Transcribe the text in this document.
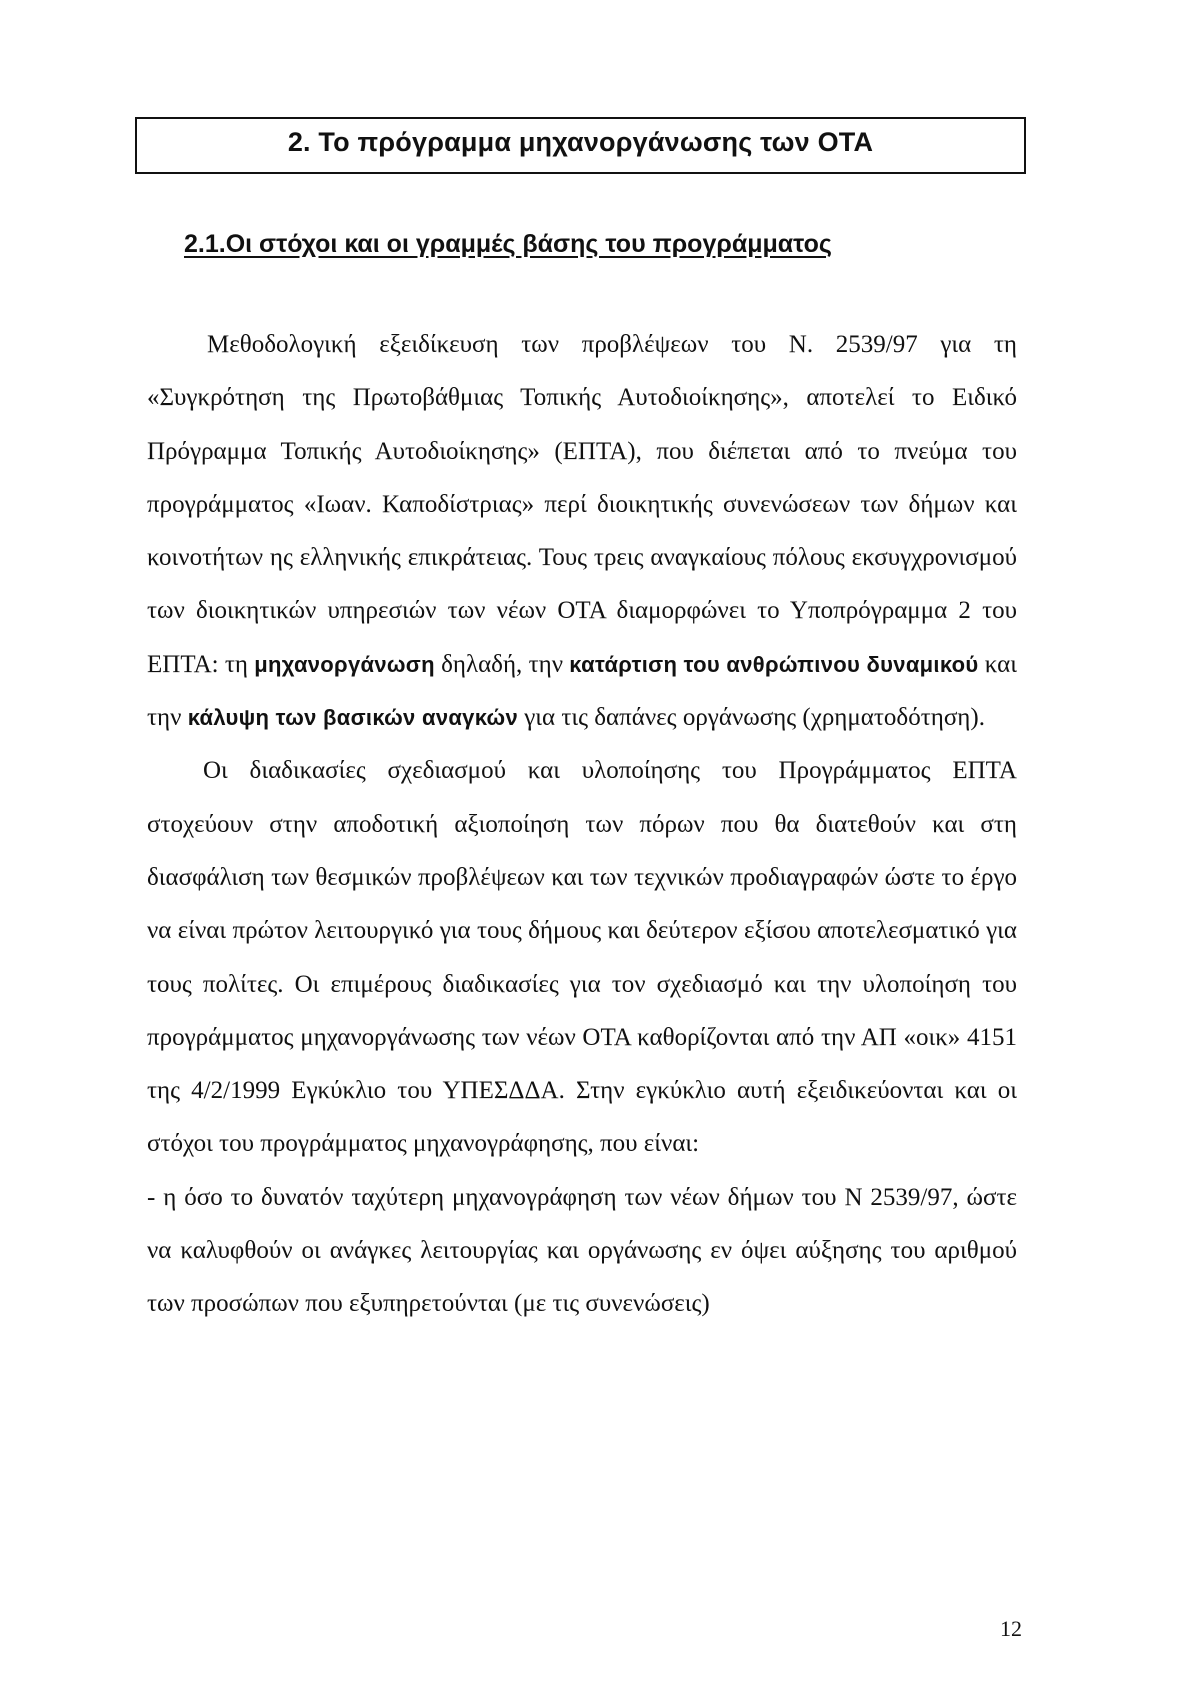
2. Το πρόγραμμα μηχανοργάνωσης των ΟΤΑ
2.1.Οι στόχοι και οι γραμμές βάσης του προγράμματος

Μεθοδολογική εξειδίκευση των προβλέψεων του Ν. 2539/97 για τη «Συγκρότηση της Πρωτοβάθμιας Τοπικής Αυτοδιοίκησης», αποτελεί το Ειδικό Πρόγραμμα Τοπικής Αυτοδιοίκησης» (ΕΠΤΑ), που διέπεται από το πνεύμα του προγράμματος «Ιωαν. Καποδίστριας» περί διοικητικής συνενώσεων των δήμων και κοινοτήτων ης ελληνικής επικράτειας. Τους τρεις αναγκαίους πόλους εκσυγχρονισμού των διοικητικών υπηρεσιών των νέων ΟΤΑ διαμορφώνει το Υποπρόγραμμα 2 του ΕΠΤΑ: τη μηχανοργάνωση δηλαδή, την κατάρτιση του ανθρώπινου δυναμικού και την κάλυψη των βασικών αναγκών για τις δαπάνες οργάνωσης (χρηματοδότηση).

Οι διαδικασίες σχεδιασμού και υλοποίησης του Προγράμματος ΕΠΤΑ στοχεύουν στην αποδοτική αξιοποίηση των πόρων που θα διατεθούν και στη διασφάλιση των θεσμικών προβλέψεων και των τεχνικών προδιαγραφών ώστε το έργο να είναι πρώτον λειτουργικό για τους δήμους και δεύτερον εξίσου αποτελεσματικό για τους πολίτες. Οι επιμέρους διαδικασίες για τον σχεδιασμό και την υλοποίηση του προγράμματος μηχανοργάνωσης των νέων ΟΤΑ καθορίζονται από την ΑΠ «οικ» 4151 της 4/2/1999 Εγκύκλιο του ΥΠΕΣΔΔΑ. Στην εγκύκλιο αυτή εξειδικεύονται και οι στόχοι του προγράμματος μηχανογράφησης, που είναι:

- η όσο το δυνατόν ταχύτερη μηχανογράφηση των νέων δήμων του Ν 2539/97, ώστε να καλυφθούν οι ανάγκες λειτουργίας και οργάνωσης εν όψει αύξησης του αριθμού των προσώπων που εξυπηρετούνται (με τις συνενώσεις)

12
